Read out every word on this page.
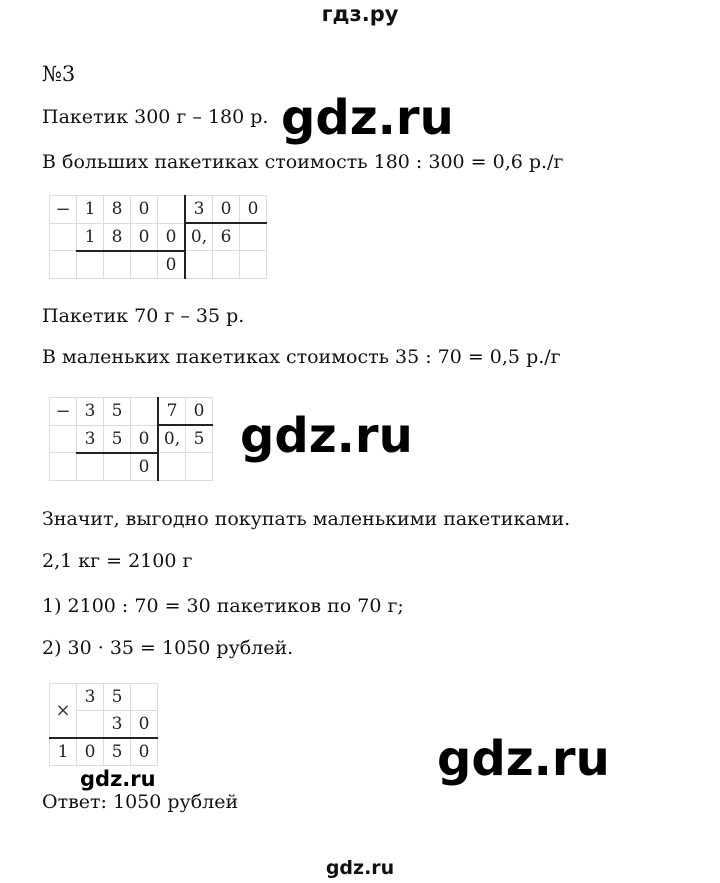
гдз.ру
№3
Пакетик 300 г – 180 р. gdz.ru
В больших пакетиках стоимость 180 : 300 = 0,6 р./г
−	1	8	0		3	0	0
	1	8	0	0	0,	6	
				0			
Пакетик 70 г – 35 р.
В маленьких пакетиках стоимость 35 : 70 = 0,5 р./г
−	3	5		7	0
	3	5	0	0,	5
			0		
gdz.ru
Значит, выгодно покупать маленькими пакетиками.
2,1 кг = 2100 г
1) 2100 : 70 = 30 пакетиков по 70 г;
2) 30 · 35 = 1050 рублей.
×	3	5	
		3	0
1	0	5	0
gdz.ru	gdz.ru
Ответ: 1050 рублей
gdz.ru
